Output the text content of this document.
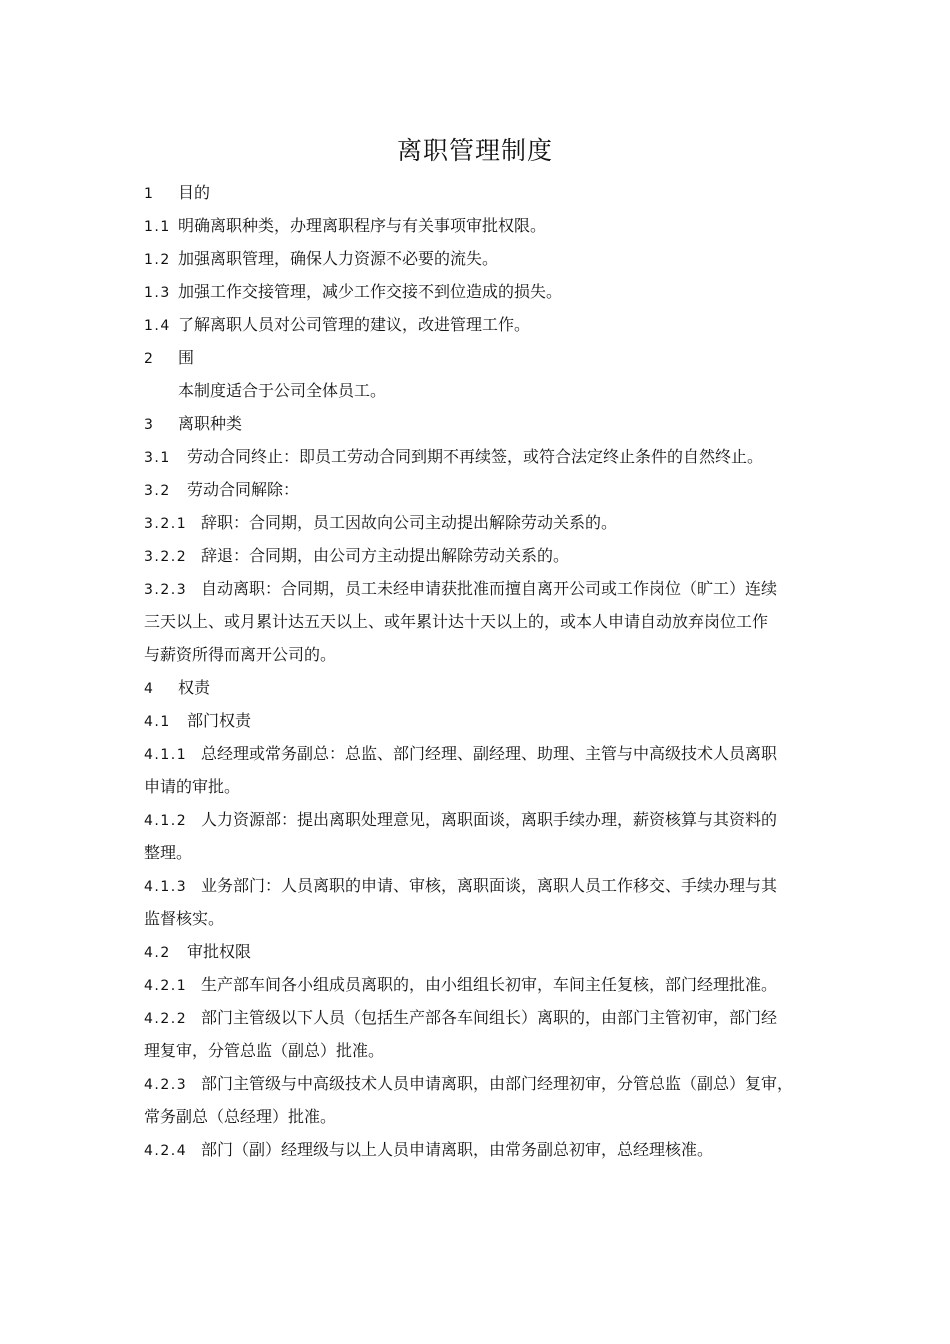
离职管理制度
1	目的
1.1 明确离职种类，办理离职程序与有关事项审批权限。
1.2 加强离职管理，确保人力资源不必要的流失。
1.3 加强工作交接管理，减少工作交接不到位造成的损失。
1.4 了解离职人员对公司管理的建议，改进管理工作。
2	围
本制度适合于公司全体员工。
3	离职种类
3.1	劳动合同终止：即员工劳动合同到期不再续签，或符合法定终止条件的自然终止。
3.2	劳动合同解除：
3.2.1 辞职：合同期，员工因故向公司主动提出解除劳动关系的。
3.2.2 辞退：合同期，由公司方主动提出解除劳动关系的。
3.2.3 自动离职：合同期，员工未经申请获批准而擅自离开公司或工作岗位（旷工）连续
三天以上、或月累计达五天以上、或年累计达十天以上的，或本人申请自动放弃岗位工作
与薪资所得而离开公司的。
4	权责
4.1	部门权责
4.1.1 总经理或常务副总：总监、部门经理、副经理、助理、主管与中高级技术人员离职
申请的审批。
4.1.2 人力资源部：提出离职处理意见，离职面谈，离职手续办理，薪资核算与其资料的
整理。
4.1.3 业务部门：人员离职的申请、审核，离职面谈，离职人员工作移交、手续办理与其
监督核实。
4.2	审批权限
4.2.1 生产部车间各小组成员离职的，由小组组长初审，车间主任复核，部门经理批准。
4.2.2 部门主管级以下人员（包括生产部各车间组长）离职的，由部门主管初审，部门经
理复审，分管总监（副总）批准。
4.2.3 部门主管级与中高级技术人员申请离职，由部门经理初审，分管总监（副总）复审，
常务副总（总经理）批准。
4.2.4 部门（副）经理级与以上人员申请离职，由常务副总初审，总经理核准。
